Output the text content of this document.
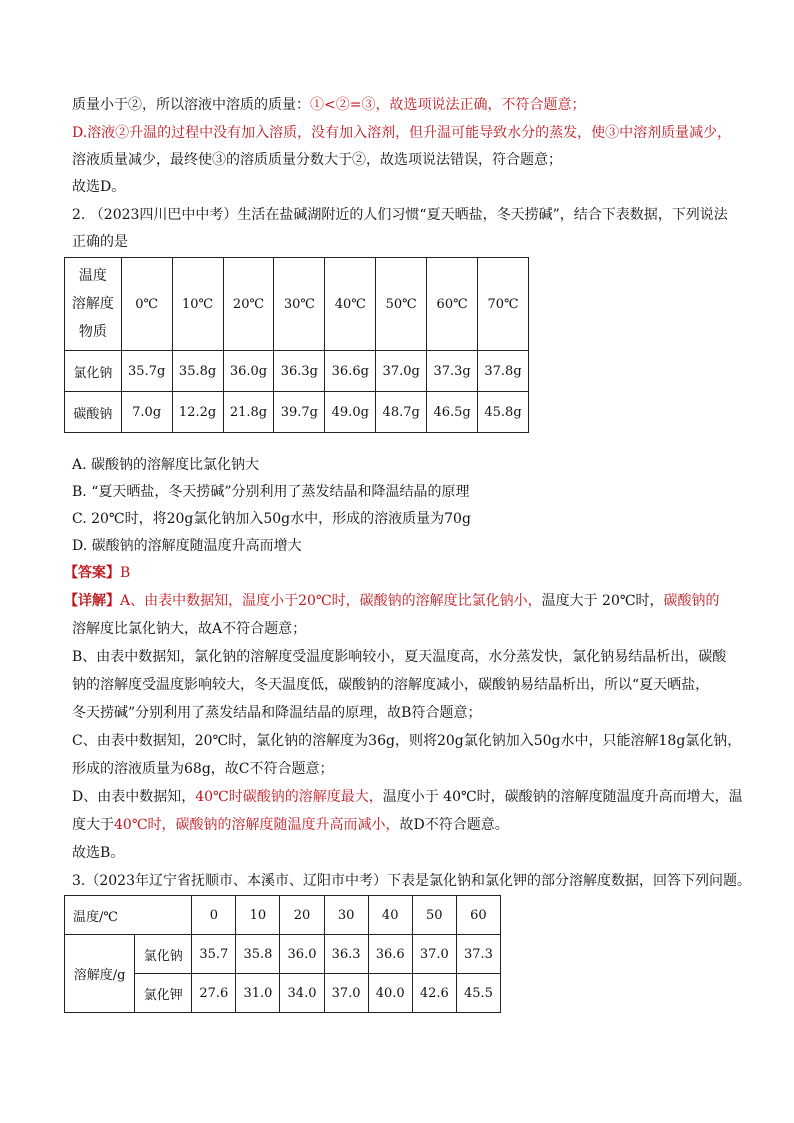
质量小于②，所以溶液中溶质的质量：①<②=③，故选项说法正确，不符合题意；
D.溶液②升温的过程中没有加入溶质，没有加入溶剂，但升温可能导致水分的蒸发，使③中溶剂质量减少，
溶液质量减少，最终使③的溶质质量分数大于②，故选项说法错误，符合题意；
故选D。
2. （2023四川巴中中考）生活在盐碱湖附近的人们习惯“夏天晒盐，冬天捞碱”，结合下表数据，下列说法
正确的是
温度
溶解度
物质	0℃	10℃	20℃	30℃	40℃	50℃	60℃	70℃
氯化钠	35.7g	35.8g	36.0g	36.3g	36.6g	37.0g	37.3g	37.8g
碳酸钠	7.0g	12.2g	21.8g	39.7g	49.0g	48.7g	46.5g	45.8g
A. 碳酸钠的溶解度比氯化钠大
B. “夏天晒盐，冬天捞碱”分别利用了蒸发结晶和降温结晶的原理
C. 20℃时，将20g氯化钠加入50g水中，形成的溶液质量为70g
D. 碳酸钠的溶解度随温度升高而增大
【答案】B
【详解】A、由表中数据知，温度小于20℃时，碳酸钠的溶解度比氯化钠小，温度大于 20℃时，碳酸钠的
溶解度比氯化钠大，故A不符合题意；
B、由表中数据知，氯化钠的溶解度受温度影响较小，夏天温度高，水分蒸发快，氯化钠易结晶析出，碳酸
钠的溶解度受温度影响较大，冬天温度低，碳酸钠的溶解度减小，碳酸钠易结晶析出，所以“夏天晒盐，
冬天捞碱”分别利用了蒸发结晶和降温结晶的原理，故B符合题意；
C、由表中数据知，20℃时，氯化钠的溶解度为36g，则将20g氯化钠加入50g水中，只能溶解18g氯化钠，
形成的溶液质量为68g，故C不符合题意；
D、由表中数据知，40℃时碳酸钠的溶解度最大，温度小于 40℃时，碳酸钠的溶解度随温度升高而增大，温
度大于40℃时，碳酸钠的溶解度随温度升高而减小，故D不符合题意。
故选B。
3.（2023年辽宁省抚顺市、本溪市、辽阳市中考）下表是氯化钠和氯化钾的部分溶解度数据，回答下列问题。
温度/℃		0	10	20	30	40	50	60
溶解度/g	氯化钠	35.7	35.8	36.0	36.3	36.6	37.0	37.3
	氯化钾	27.6	31.0	34.0	37.0	40.0	42.6	45.5
